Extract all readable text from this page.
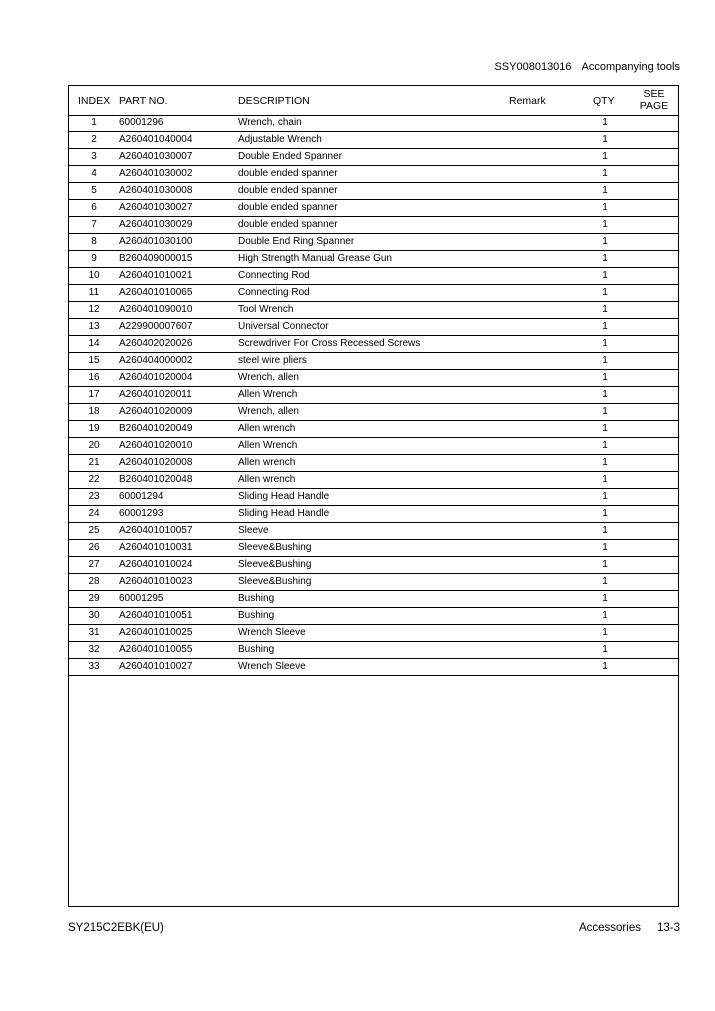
SSY008013016 Accompanying tools
INDEX PART NO.	DESCRIPTION	Remark	QTY
SEE
PAGE
1	60001296	Wrench, chain	1
2	A260401040004	Adjustable Wrench	1
3	A260401030007	Double Ended Spanner	1
4	A260401030002	double ended spanner	1
5	A260401030008	double ended spanner	1
6	A260401030027	double ended spanner	1
7	A260401030029	double ended spanner	1
8	A260401030100	Double End Ring Spanner	1
9	B260409000015	High Strength Manual Grease Gun	1
10	A260401010021	Connecting Rod	1
11	A260401010065	Connecting Rod	1
12	A260401090010	Tool Wrench	1
13	A229900007607	Universal Connector	1
14	A260402020026	Screwdriver For Cross Recessed Screws	1
15	A260404000002	steel wire pliers	1
16	A260401020004	Wrench, allen	1
17	A260401020011	Allen Wrench	1
18	A260401020009	Wrench, allen	1
19	B260401020049	Allen wrench	1
20	A260401020010	Allen Wrench	1
21	A260401020008	Allen wrench	1
22	B260401020048	Allen wrench	1
23	60001294	Sliding Head Handle	1
24	60001293	Sliding Head Handle	1
25	A260401010057	Sleeve	1
26	A260401010031	Sleeve&Bushing	1
27	A260401010024	Sleeve&Bushing	1
28	A260401010023	Sleeve&Bushing	1
29	60001295	Bushing	1
30	A260401010051	Bushing	1
31	A260401010025	Wrench Sleeve	1
32	A260401010055	Bushing	1
33	A260401010027	Wrench Sleeve	1
SY215C2EBK(EU)	Accessories 13-3
